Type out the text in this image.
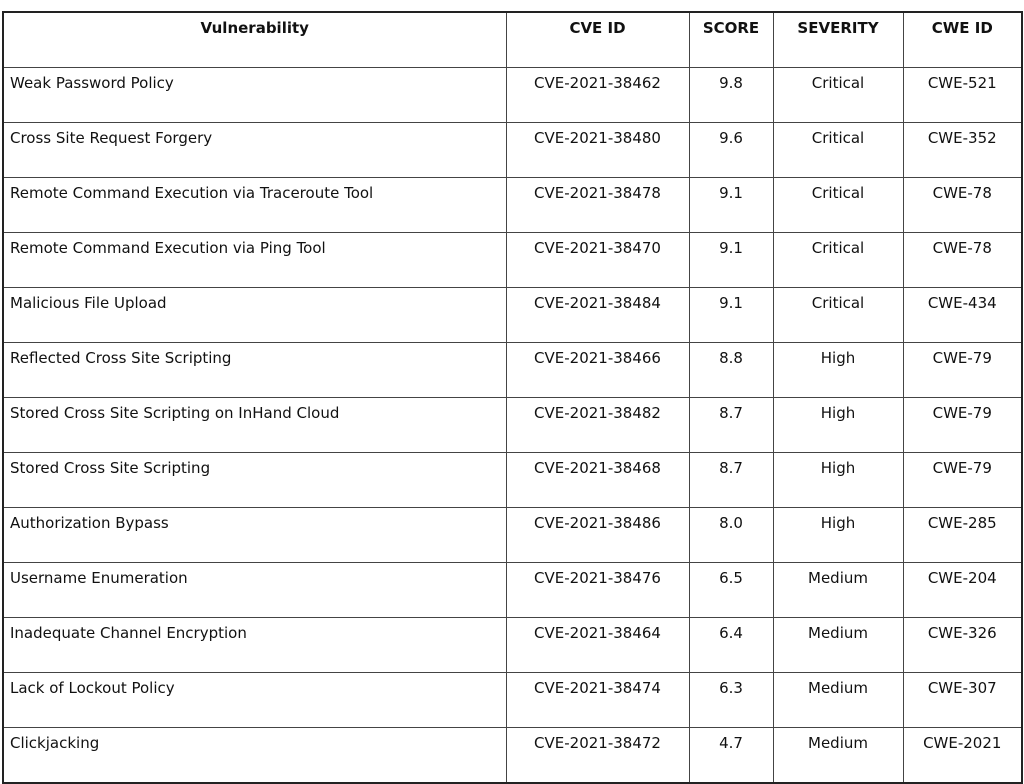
Vulnerability	CVE ID	SCORE	SEVERITY	CWE ID
Weak Password Policy	CVE-2021-38462	9.8	Critical	CWE-521
Cross Site Request Forgery	CVE-2021-38480	9.6	Critical	CWE-352
Remote Command Execution via Traceroute Tool	CVE-2021-38478	9.1	Critical	CWE-78
Remote Command Execution via Ping Tool	CVE-2021-38470	9.1	Critical	CWE-78
Malicious File Upload	CVE-2021-38484	9.1	Critical	CWE-434
Reflected Cross Site Scripting	CVE-2021-38466	8.8	High	CWE-79
Stored Cross Site Scripting on InHand Cloud	CVE-2021-38482	8.7	High	CWE-79
Stored Cross Site Scripting	CVE-2021-38468	8.7	High	CWE-79
Authorization Bypass	CVE-2021-38486	8.0	High	CWE-285
Username Enumeration	CVE-2021-38476	6.5	Medium	CWE-204
Inadequate Channel Encryption	CVE-2021-38464	6.4	Medium	CWE-326
Lack of Lockout Policy	CVE-2021-38474	6.3	Medium	CWE-307
Clickjacking	CVE-2021-38472	4.7	Medium	CWE-2021
